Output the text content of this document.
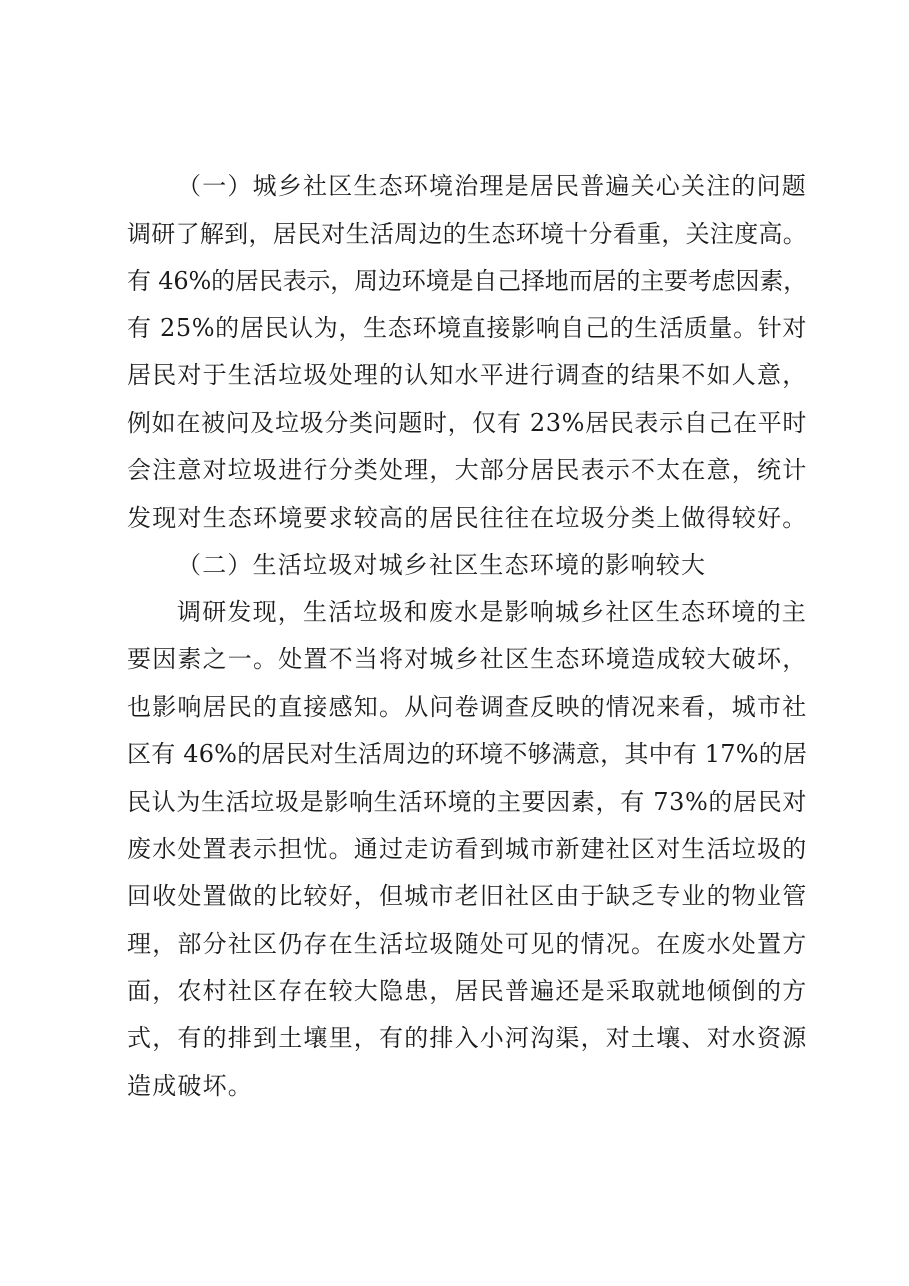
（一）城乡社区生态环境治理是居民普遍关心关注的问题
调研了解到，居民对生活周边的生态环境十分看重，关注度高。
有 46%的居民表示，周边环境是自己择地而居的主要考虑因素，
有 25%的居民认为，生态环境直接影响自己的生活质量。针对
居民对于生活垃圾处理的认知水平进行调查的结果不如人意，
例如在被问及垃圾分类问题时，仅有 23%居民表示自己在平时
会注意对垃圾进行分类处理，大部分居民表示不太在意，统计
发现对生态环境要求较高的居民往往在垃圾分类上做得较好。
（二）生活垃圾对城乡社区生态环境的影响较大
调研发现，生活垃圾和废水是影响城乡社区生态环境的主
要因素之一。处置不当将对城乡社区生态环境造成较大破坏，
也影响居民的直接感知。从问卷调查反映的情况来看，城市社
区有 46%的居民对生活周边的环境不够满意，其中有 17%的居
民认为生活垃圾是影响生活环境的主要因素，有 73%的居民对
废水处置表示担忧。通过走访看到城市新建社区对生活垃圾的
回收处置做的比较好，但城市老旧社区由于缺乏专业的物业管
理，部分社区仍存在生活垃圾随处可见的情况。在废水处置方
面，农村社区存在较大隐患，居民普遍还是采取就地倾倒的方
式，有的排到土壤里，有的排入小河沟渠，对土壤、对水资源
造成破坏。
